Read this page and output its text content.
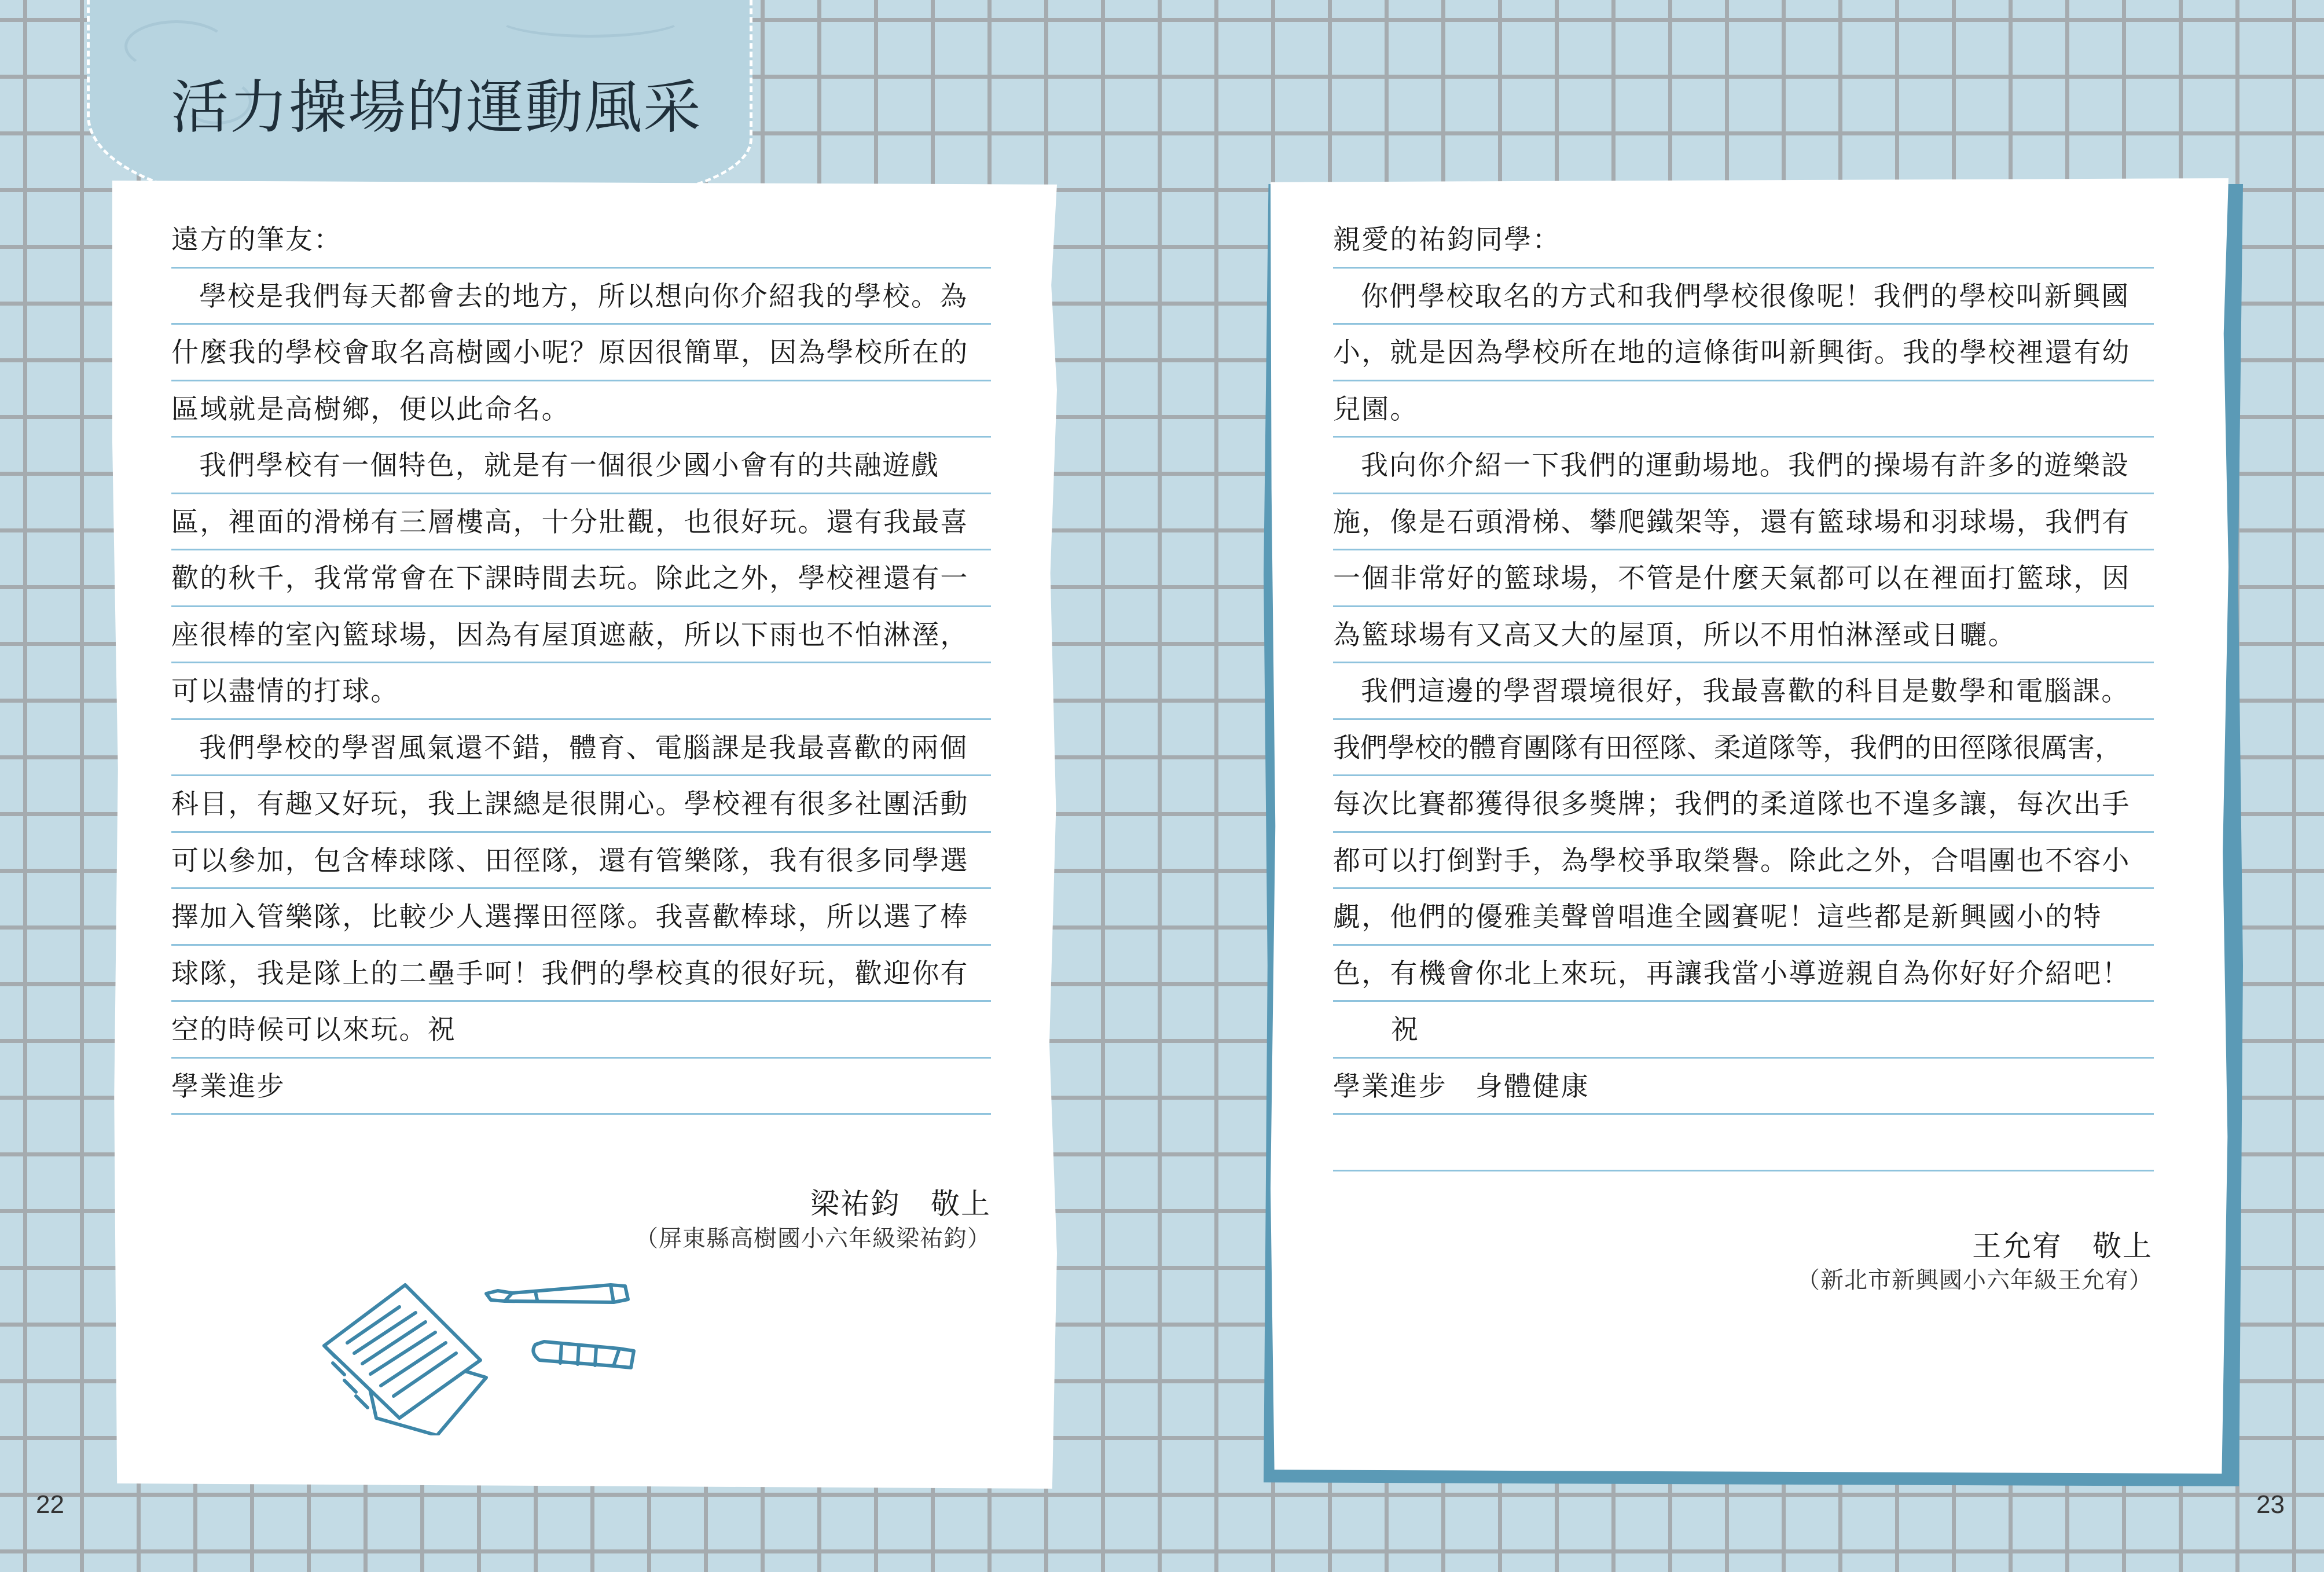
活力操場的運動風采
遠方的筆友：
學校是我們每天都會去的地方，所以想向你介紹我的學校。為
什麼我的學校會取名高樹國小呢？原因很簡單，因為學校所在的
區域就是高樹鄉，便以此命名。
我們學校有一個特色，就是有一個很少國小會有的共融遊戲
區，裡面的滑梯有三層樓高，十分壯觀，也很好玩。還有我最喜
歡的秋千，我常常會在下課時間去玩。除此之外，學校裡還有一
座很棒的室內籃球場，因為有屋頂遮蔽，所以下雨也不怕淋溼，
可以盡情的打球。
我們學校的學習風氣還不錯，體育、電腦課是我最喜歡的兩個
科目，有趣又好玩，我上課總是很開心。學校裡有很多社團活動
可以參加，包含棒球隊、田徑隊，還有管樂隊，我有很多同學選
擇加入管樂隊，比較少人選擇田徑隊。我喜歡棒球，所以選了棒
球隊，我是隊上的二壘手呵！我們的學校真的很好玩，歡迎你有
空的時候可以來玩。祝
學業進步
梁祐鈞　敬上
（屏東縣高樹國小六年級梁祐鈞）
親愛的祐鈞同學：
你們學校取名的方式和我們學校很像呢！我們的學校叫新興國
小，就是因為學校所在地的這條街叫新興街。我的學校裡還有幼
兒園。
我向你介紹一下我們的運動場地。我們的操場有許多的遊樂設
施，像是石頭滑梯、攀爬鐵架等，還有籃球場和羽球場，我們有
一個非常好的籃球場，不管是什麼天氣都可以在裡面打籃球，因
為籃球場有又高又大的屋頂，所以不用怕淋溼或日曬。
我們這邊的學習環境很好，我最喜歡的科目是數學和電腦課。
我們學校的體育團隊有田徑隊、柔道隊等，我們的田徑隊很厲害，
每次比賽都獲得很多獎牌；我們的柔道隊也不遑多讓，每次出手
都可以打倒對手，為學校爭取榮譽。除此之外，合唱團也不容小
覷，他們的優雅美聲曾唱進全國賽呢！這些都是新興國小的特
色，有機會你北上來玩，再讓我當小導遊親自為你好好介紹吧！
祝
學業進步　身體健康
王允宥　敬上
（新北市新興國小六年級王允宥）
22	23
